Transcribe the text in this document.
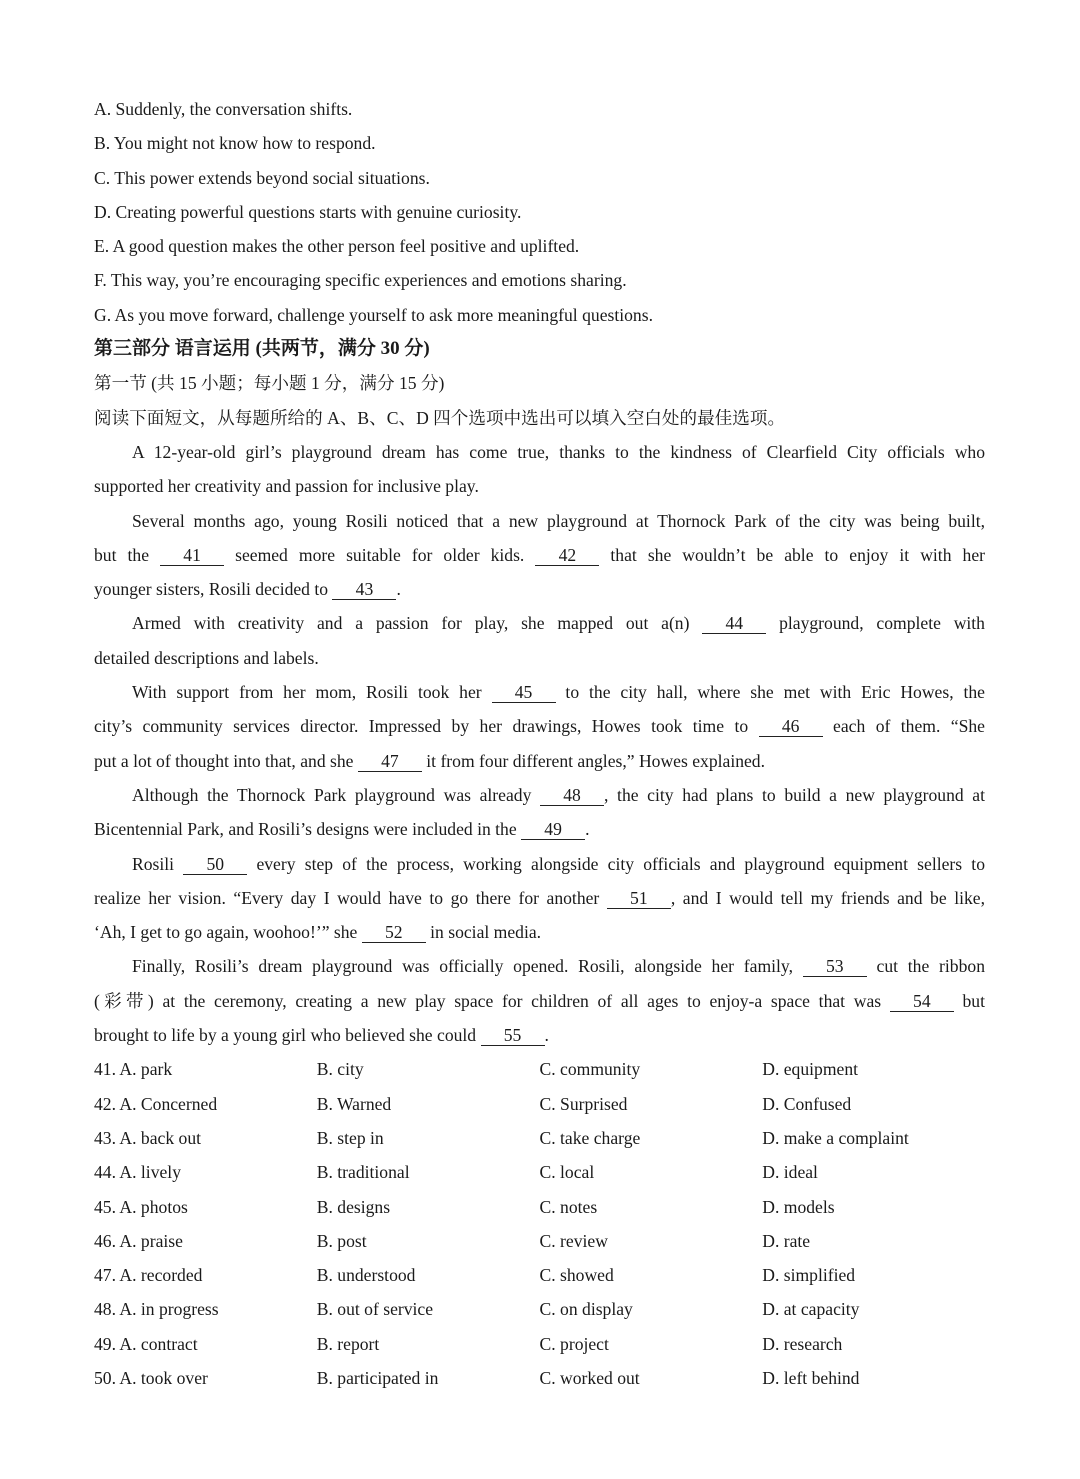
A. Suddenly, the conversation shifts.
B. You might not know how to respond.
C. This power extends beyond social situations.
D. Creating powerful questions starts with genuine curiosity.
E. A good question makes the other person feel positive and uplifted.
F. This way, you’re encouraging specific experiences and emotions sharing.
G. As you move forward, challenge yourself to ask more meaningful questions.
第三部分 语言运用 (共两节，满分 30 分)
第一节 (共 15 小题；每小题 1 分，满分 15 分)
阅读下面短文，从每题所给的 A、B、C、D 四个选项中选出可以填入空白处的最佳选项。
A 12-year-old girl’s playground dream has come true, thanks to the kindness of Clearfield City officials who
supported her creativity and passion for inclusive play.
Several months ago, young Rosili noticed that a new playground at Thornock Park of the city was being built,
but the 41 seemed more suitable for older kids. 42 that she wouldn’t be able to enjoy it with her
younger sisters, Rosili decided to 43 .
Armed with creativity and a passion for play, she mapped out a(n) 44 playground, complete with
detailed descriptions and labels.
With support from her mom, Rosili took her 45 to the city hall, where she met with Eric Howes, the
city’s community services director. Impressed by her drawings, Howes took time to 46 each of them. “She
put a lot of thought into that, and she 47 it from four different angles,” Howes explained.
Although the Thornock Park playground was already 48 , the city had plans to build a new playground at
Bicentennial Park, and Rosili’s designs were included in the 49 .
Rosili 50 every step of the process, working alongside city officials and playground equipment sellers to
realize her vision. “Every day I would have to go there for another 51 , and I would tell my friends and be like,
‘Ah, I get to go again, woohoo!’” she 52 in social media.
Finally, Rosili’s dream playground was officially opened. Rosili, alongside her family, 53 cut the ribbon
(彩带) at the ceremony, creating a new play space for children of all ages to enjoy-a space that was 54 but
brought to life by a young girl who believed she could 55 .
41. A. park	B. city	C. community	D. equipment
42. A. Concerned	B. Warned	C. Surprised	D. Confused
43. A. back out	B. step in	C. take charge	D. make a complaint
44. A. lively	B. traditional	C. local	D. ideal
45. A. photos	B. designs	C. notes	D. models
46. A. praise	B. post	C. review	D. rate
47. A. recorded	B. understood	C. showed	D. simplified
48. A. in progress	B. out of service	C. on display	D. at capacity
49. A. contract	B. report	C. project	D. research
50. A. took over	B. participated in	C. worked out	D. left behind
